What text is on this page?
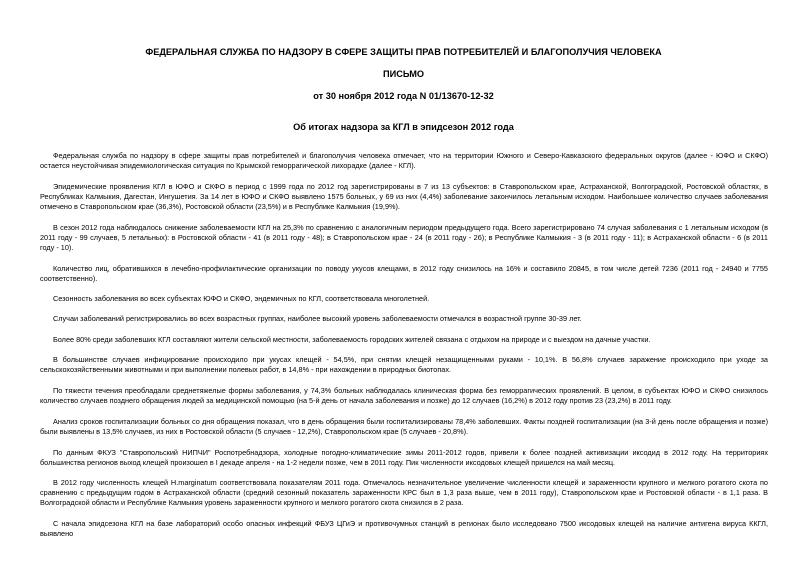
ФЕДЕРАЛЬНАЯ СЛУЖБА ПО НАДЗОРУ В СФЕРЕ ЗАЩИТЫ ПРАВ ПОТРЕБИТЕЛЕЙ И БЛАГОПОЛУЧИЯ ЧЕЛОВЕКА
ПИСЬМО
от 30 ноября 2012 года N 01/13670-12-32
Об итогах надзора за КГЛ в эпидсезон 2012 года

Федеральная служба по надзору в сфере защиты прав потребителей и благополучия человека отмечает, что на территории Южного и Северо-Кавказского федеральных округов (далее - ЮФО и СКФО) остается неустойчивая эпидемиологическая ситуация по Крымской геморрагической лихорадке (далее - КГЛ).

Эпидемические проявления КГЛ в ЮФО и СКФО в период с 1999 года по 2012 год зарегистрированы в 7 из 13 субъектов: в Ставропольском крае, Астраханской, Волгоградской, Ростовской областях, в Республиках Калмыкия, Дагестан, Ингушетия. За 14 лет в ЮФО и СКФО выявлено 1575 больных, у 69 из них (4,4%) заболевание закончилось летальным исходом. Наибольшее количество случаев заболевания отмечено в Ставропольском крае (36,3%), Ростовской области (23,5%) и в Республике Калмыкия (19,9%).

В сезон 2012 года наблюдалось снижение заболеваемости КГЛ на 25,3% по сравнению с аналогичным периодом предыдущего года. Всего зарегистрировано 74 случая заболевания с 1 летальным исходом (в 2011 году - 99 случаев, 5 летальных): в Ростовской области - 41 (в 2011 году - 48); в Ставропольском крае - 24 (в 2011 году - 26); в Республике Калмыкия - 3 (в 2011 году - 11); в Астраханской области - 6 (в 2011 году - 10).

Количество лиц, обратившихся в лечебно-профилактические организации по поводу укусов клещами, в 2012 году снизилось на 16% и составило 20845, в том числе детей 7236 (2011 год - 24940 и 7755 соответственно).

Сезонность заболевания во всех субъектах ЮФО и СКФО, эндемичных по КГЛ, соответствовала многолетней.

Случаи заболеваний регистрировались во всех возрастных группах, наиболее высокий уровень заболеваемости отмечался в возрастной группе 30-39 лет.

Более 80% среди заболевших КГЛ составляют жители сельской местности, заболеваемость городских жителей связана с отдыхом на природе и с выездом на дачные участки.

В большинстве случаев инфицирование происходило при укусах клещей - 54,5%, при снятии клещей незащищенными руками - 10,1%. В 56,8% случаев заражение происходило при уходе за сельскохозяйственными животными и при выполнении полевых работ, в 14,8% - при нахождении в природных биотопах.

По тяжести течения преобладали среднетяжелые формы заболевания, у 74,3% больных наблюдалась клиническая форма без геморрагических проявлений. В целом, в субъектах ЮФО и СКФО снизилось количество случаев позднего обращения людей за медицинской помощью (на 5-й день от начала заболевания и позже) до 12 случаев (16,2%) в 2012 году против 23 (23,2%) в 2011 году.

Анализ сроков госпитализации больных со дня обращения показал, что в день обращения были госпитализированы 78,4% заболевших. Факты поздней госпитализации (на 3-й день после обращения и позже) были выявлены в 13,5% случаев, из них в Ростовской области (5 случаев - 12,2%), Ставропольском крае (5 случаев - 20,8%).

По данным ФКУЗ "Ставропольский НИПЧИ" Роспотребнадзора, холодные погодно-климатические зимы 2011-2012 годов, привели к более поздней активизации иксодид в 2012 году. На территориях большинства регионов выход клещей произошел в I декаде апреля - на 1-2 недели позже, чем в 2011 году. Пик численности иксодовых клещей пришелся на май месяц.

В 2012 году численность клещей H.marginatum соответствовала показателям 2011 года. Отмечалось незначительное увеличение численности клещей и зараженности крупного и мелкого рогатого скота по сравнению с предыдущим годом в Астраханской области (средний сезонный показатель зараженности КРС был в 1,3 раза выше, чем в 2011 году), Ставропольском крае и Ростовской области - в 1,1 раза. В Волгоградской области и Республике Калмыкия уровень зараженности крупного и мелкого рогатого скота снизился в 2 раза.

С начала эпидсезона КГЛ на базе лабораторий особо опасных инфекций ФБУЗ ЦГиЭ и противочумных станций в регионах было исследовано 7500 иксодовых клещей на наличие антигена вируса ККГЛ, выявлено
